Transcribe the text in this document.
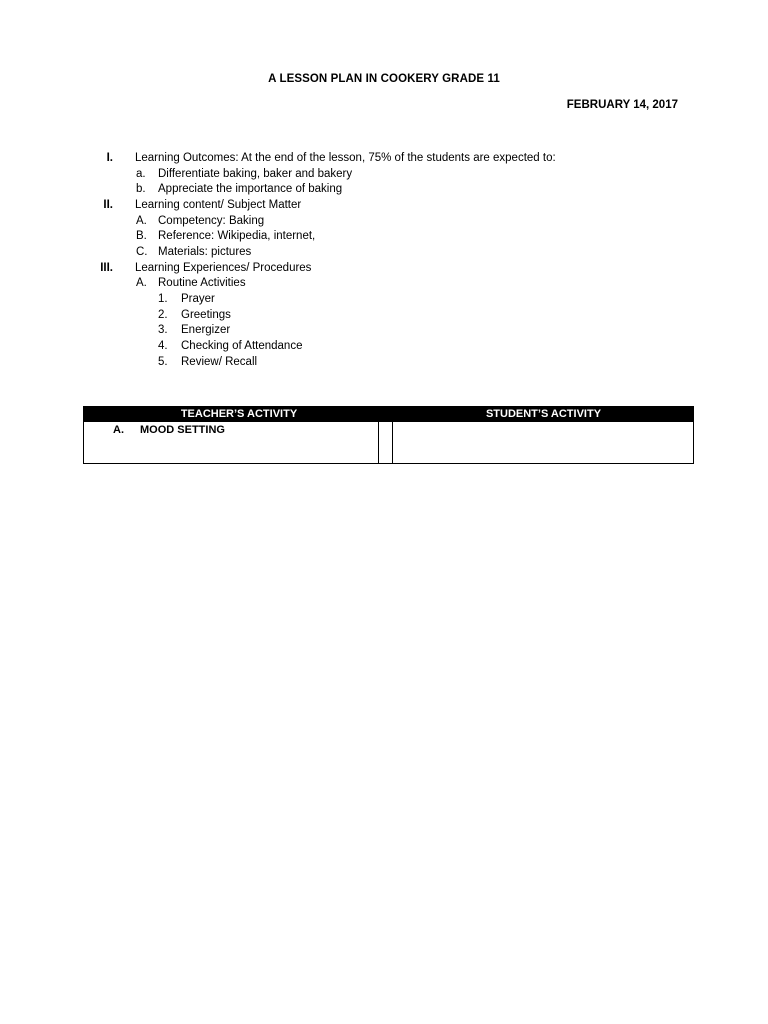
A LESSON PLAN IN COOKERY GRADE 11
FEBRUARY 14, 2017
I. Learning Outcomes: At the end of the lesson, 75% of the students are expected to:
a. Differentiate baking, baker and bakery
b. Appreciate the importance of baking
II. Learning content/ Subject Matter
A. Competency: Baking
B. Reference: Wikipedia, internet,
C. Materials: pictures
III. Learning Experiences/ Procedures
A. Routine Activities
1. Prayer
2. Greetings
3. Energizer
4. Checking of Attendance
5. Review/ Recall
TEACHER’S ACTIVITY	STUDENT’S ACTIVITY
A. MOOD SETTING
